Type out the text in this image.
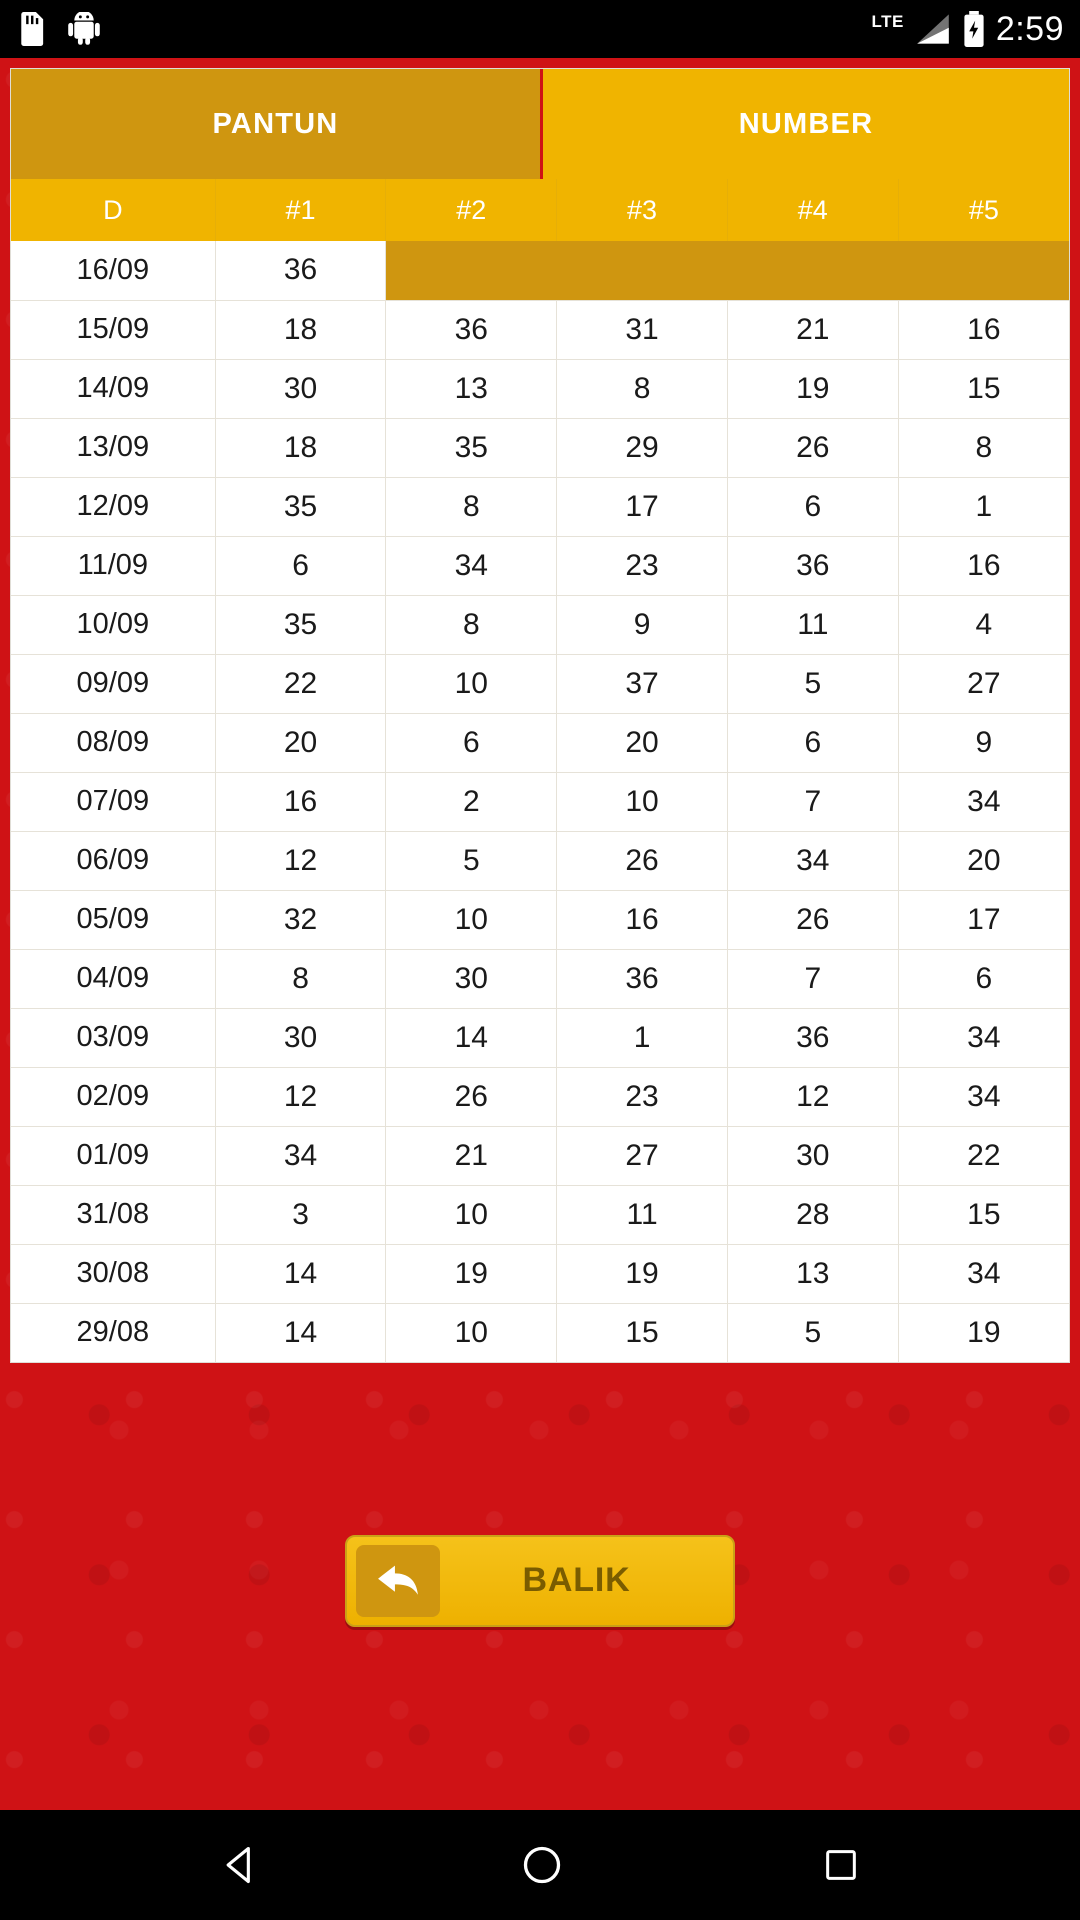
LTE	2:59
PANTUN	NUMBER
D	#1	#2	#3	#4	#5
16/09	36				
15/09	18	36	31	21	16
14/09	30	13	8	19	15
13/09	18	35	29	26	8
12/09	35	8	17	6	1
11/09	6	34	23	36	16
10/09	35	8	9	11	4
09/09	22	10	37	5	27
08/09	20	6	20	6	9
07/09	16	2	10	7	34
06/09	12	5	26	34	20
05/09	32	10	16	26	17
04/09	8	30	36	7	6
03/09	30	14	1	36	34
02/09	12	26	23	12	34
01/09	34	21	27	30	22
31/08	3	10	11	28	15
30/08	14	19	19	13	34
29/08	14	10	15	5	19
BALIK
